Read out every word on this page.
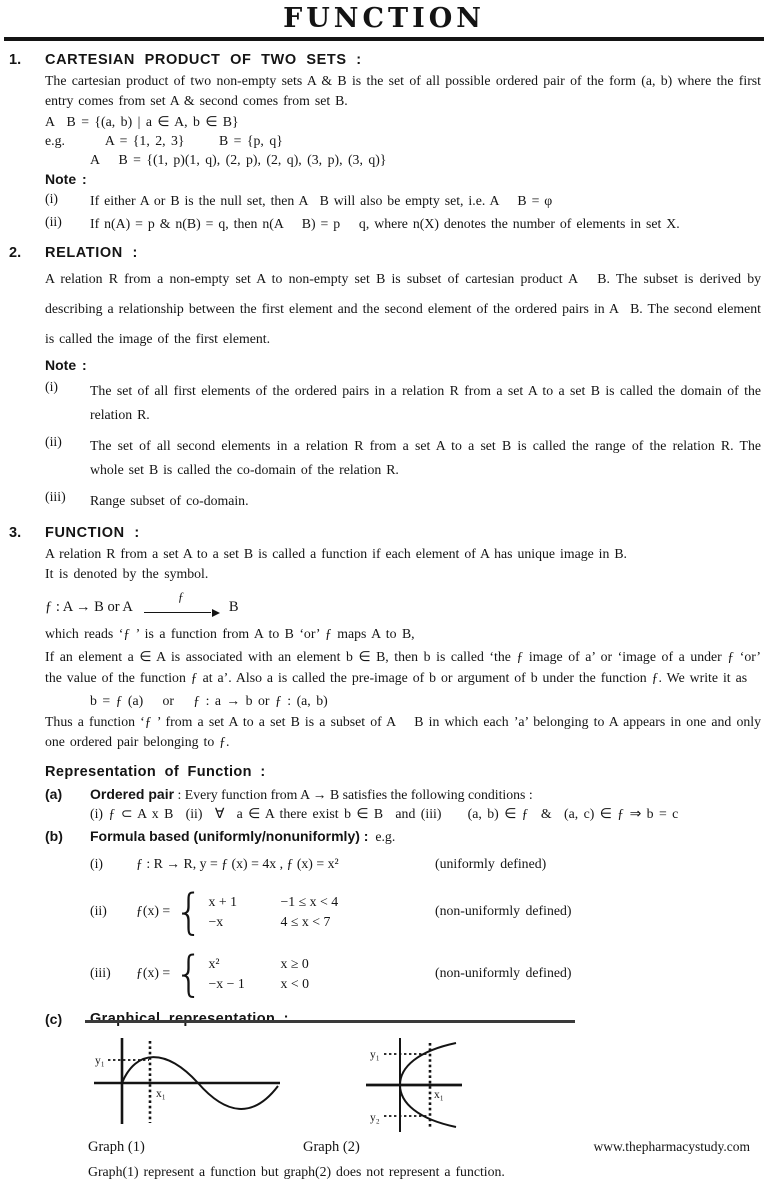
FUNCTION
1.	CARTESIAN PRODUCT OF TWO SETS :
The cartesian product of two non-empty sets A & B is the set of all possible ordered pair of the form (a, b) where the first entry comes from set A & second comes from set B.
A  B = {(a, b) | a ∈ A, b ∈ B}
e.g.	A = {1, 2, 3}   B = {p, q}
A   B = {(1, p)(1, q), (2, p), (2, q), (3, p), (3, q)}
Note :
(i)	If either A or B is the null set, then A  B will also be empty set, i.e. A   B = φ
(ii)	If n(A) = p & n(B) = q, then n(A   B) = p   q, where n(X) denotes the number of elements in set X.
2.	RELATION :
A relation R from a non-empty set A to non-empty set B is subset of cartesian product A   B. The subset is derived by describing a relationship between the first element and the second element of the ordered pairs in A  B. The second element is called the image of the first element.
Note :
(i)	The set of all first elements of the ordered pairs in a relation R from a set A to a set B is called the domain of the relation R.
(ii)	The set of all second elements in a relation R from a set A to a set B is called the range of the relation R. The whole set B is called the co-domain of the relation R.
(iii)	Range subset of co-domain.
3.	FUNCTION :
A relation R from a set A to a set B is called a function if each element of A has unique image in B.
It is denoted by the symbol.
ƒ : A → B or A
ƒ
B
which reads ‘ƒ ’ is a function from A to B ‘or’ ƒ maps A to B,
If an element a ∈ A is associated with an element b ∈ B, then b is called ‘the ƒ image of a’ or ‘image of a under ƒ ‘or’ the value of the function ƒ at a’. Also a is called the pre-image of b or argument of b under the function ƒ. We write it as
b = ƒ (a)  or  ƒ : a → b or ƒ : (a, b)
Thus a function ‘ƒ ’ from a set A to a set B is a subset of A   B in which each ’a’ belonging to A appears in one and only one ordered pair belonging to ƒ.
Representation of Function :
(a)	Ordered pair : Every function from A → B satisfies the following conditions :
(i) ƒ ⊂ A x B  (ii)  ∀  a ∈ A there exist b ∈ B  and (iii)   (a, b) ∈ ƒ  &  (a, c) ∈ ƒ ⇒ b = c
(b)	Formula based (uniformly/nonuniformly) : e.g.
(i)	ƒ : R → R, y = ƒ (x) = 4x , ƒ (x) = x²	(uniformly defined)
(ii)	ƒ(x) = { x + 1	−1 ≤ x < 4
−x	4 ≤ x < 7
(non-uniformly defined)
(iii)	ƒ(x) = { x²	x ≥ 0
−x − 1	x < 0
(non-uniformly defined)
(c)
y₁
x₁
y₁
y₂
x₁
Graph (1)	Graph (2)	www.thepharmacystudy.com
Graph(1) represent a function but graph(2) does not represent a function.
